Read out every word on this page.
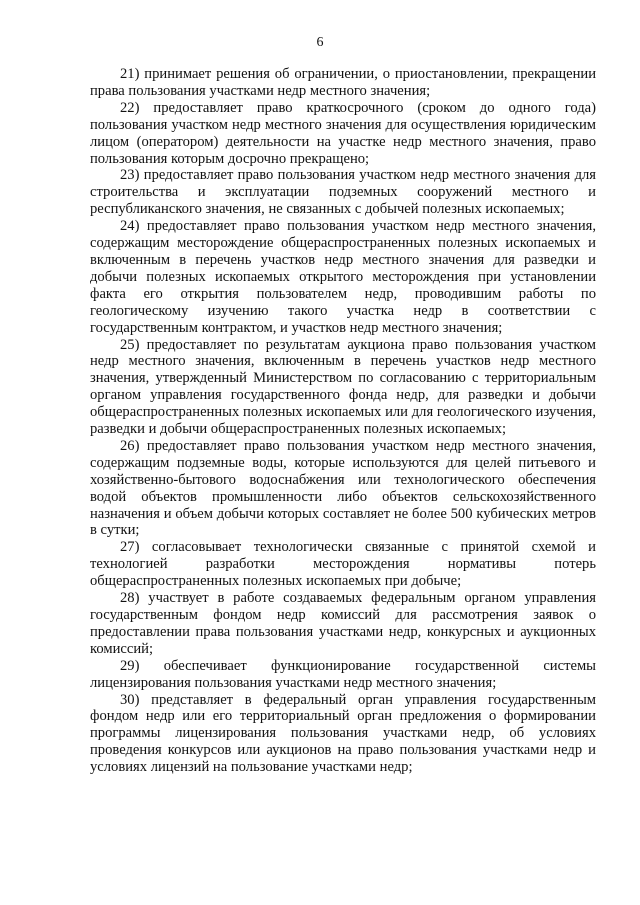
6

21) принимает решения об ограничении, о приостановлении, прекращении права пользования участками недр местного значения;

22) предоставляет право краткосрочного (сроком до одного года) пользования участком недр местного значения для осуществления юридическим лицом (оператором) деятельности на участке недр местного значения, право пользования которым досрочно прекращено;

23) предоставляет право пользования участком недр местного значения для строительства и эксплуатации подземных сооружений местного и республиканского значения, не связанных с добычей полезных ископаемых;

24) предоставляет право пользования участком недр местного значения, содержащим месторождение общераспространенных полезных ископаемых и включенным в перечень участков недр местного значения для разведки и добычи полезных ископаемых открытого месторождения при установлении факта его открытия пользователем недр, проводившим работы по геологическому изучению такого участка недр в соответствии с государственным контрактом, и участков недр местного значения;

25) предоставляет по результатам аукциона право пользования участком недр местного значения, включенным в перечень участков недр местного значения, утвержденный Министерством по согласованию с территориальным органом управления государственного фонда недр, для разведки и добычи общераспространенных полезных ископаемых или для геологического изучения, разведки и добычи общераспространенных полезных ископаемых;

26) предоставляет право пользования участком недр местного значения, содержащим подземные воды, которые используются для целей питьевого и хозяйственно-бытового водоснабжения или технологического обеспечения водой объектов промышленности либо объектов сельскохозяйственного назначения и объем добычи которых составляет не более 500 кубических метров в сутки;

27) согласовывает технологически связанные с принятой схемой и технологией разработки месторождения нормативы потерь общераспространенных полезных ископаемых при добыче;

28) участвует в работе создаваемых федеральным органом управления государственным фондом недр комиссий для рассмотрения заявок о предоставлении права пользования участками недр, конкурсных и аукционных комиссий;

29) обеспечивает функционирование государственной системы лицензирования пользования участками недр местного значения;

30) представляет в федеральный орган управления государственным фондом недр или его территориальный орган предложения о формировании программы лицензирования пользования участками недр, об условиях проведения конкурсов или аукционов на право пользования участками недр и условиях лицензий на пользование участками недр;
